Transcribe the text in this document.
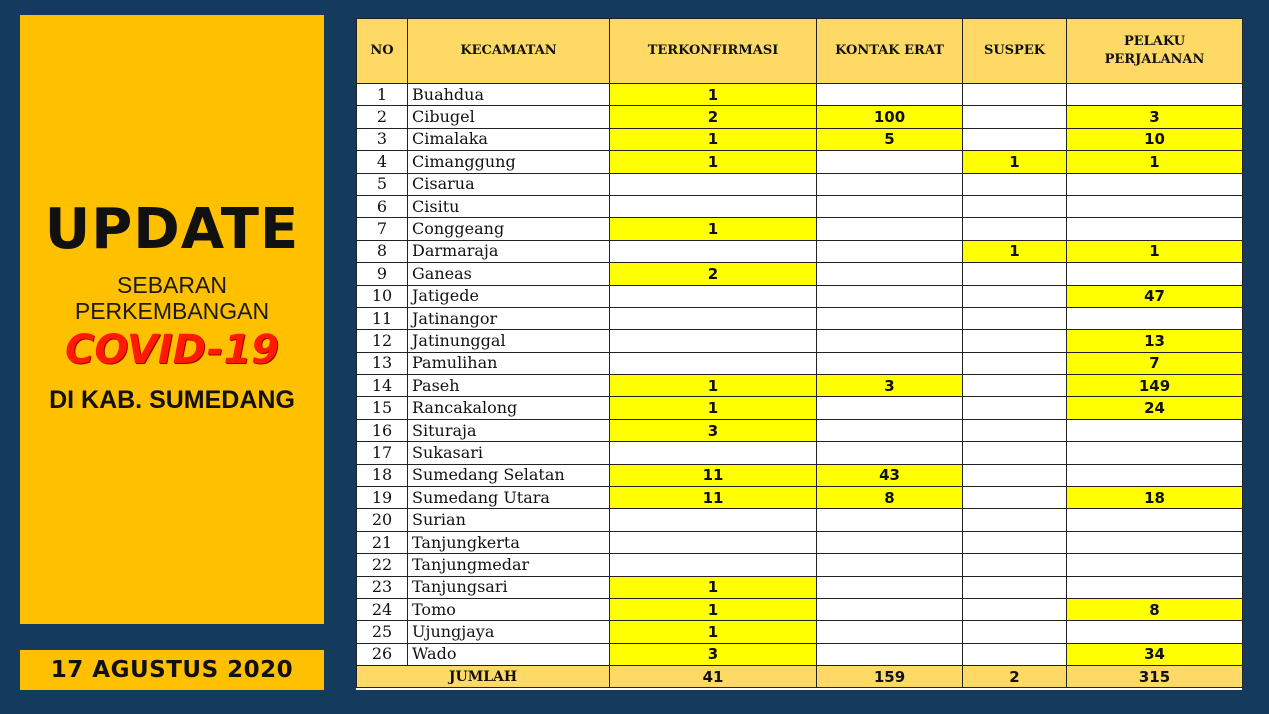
UPDATE
SEBARAN
PERKEMBANGAN
COVID-19
DI KAB. SUMEDANG
17 AGUSTUS 2020
NO	KECAMATAN	TERKONFIRMASI	KONTAK ERAT	SUSPEK	PELAKU PERJALANAN
1	Buahdua	1			
2	Cibugel	2	100		3
3	Cimalaka	1	5		10
4	Cimanggung	1		1	1
5	Cisarua				
6	Cisitu				
7	Conggeang	1			
8	Darmaraja			1	1
9	Ganeas	2			
10	Jatigede				47
11	Jatinangor				
12	Jatinunggal				13
13	Pamulihan				7
14	Paseh	1	3		149
15	Rancakalong	1			24
16	Situraja	3			
17	Sukasari				
18	Sumedang Selatan	11	43		
19	Sumedang Utara	11	8		18
20	Surian				
21	Tanjungkerta				
22	Tanjungmedar				
23	Tanjungsari	1			
24	Tomo	1			8
25	Ujungjaya	1			
26	Wado	3			34
JUMLAH		41	159	2	315
